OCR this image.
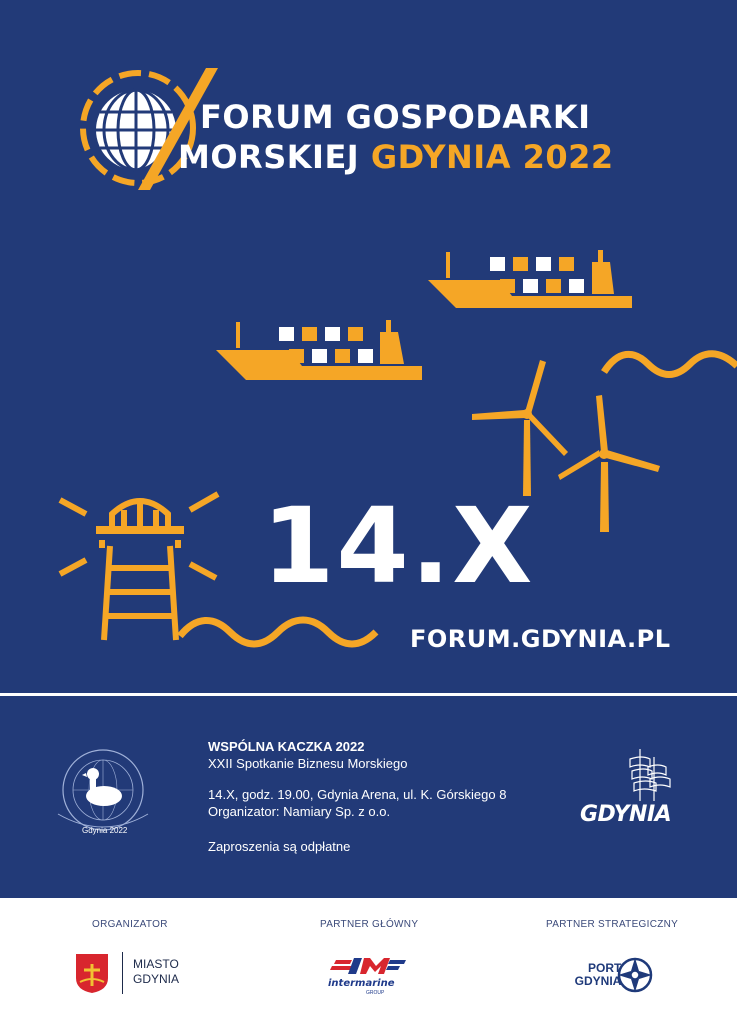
FORUM GOSPODARKI
MORSKIEJ GDYNIA 2022
14.X
FORUM.GDYNIA.PL
Gdynia 2022
WSPÓLNA KACZKA 2022
XXII Spotkanie Biznesu Morskiego
14.X, godz. 19.00, Gdynia Arena, ul. K. Górskiego 8
Organizator: Namiary Sp. z o.o.
Zaproszenia są odpłatne
GDYNIA
ORGANIZATOR	PARTNER GŁÓWNY	PARTNER STRATEGICZNY
MIASTO
GDYNIA	intermarine
GROUP
PORT
GDYNIA
